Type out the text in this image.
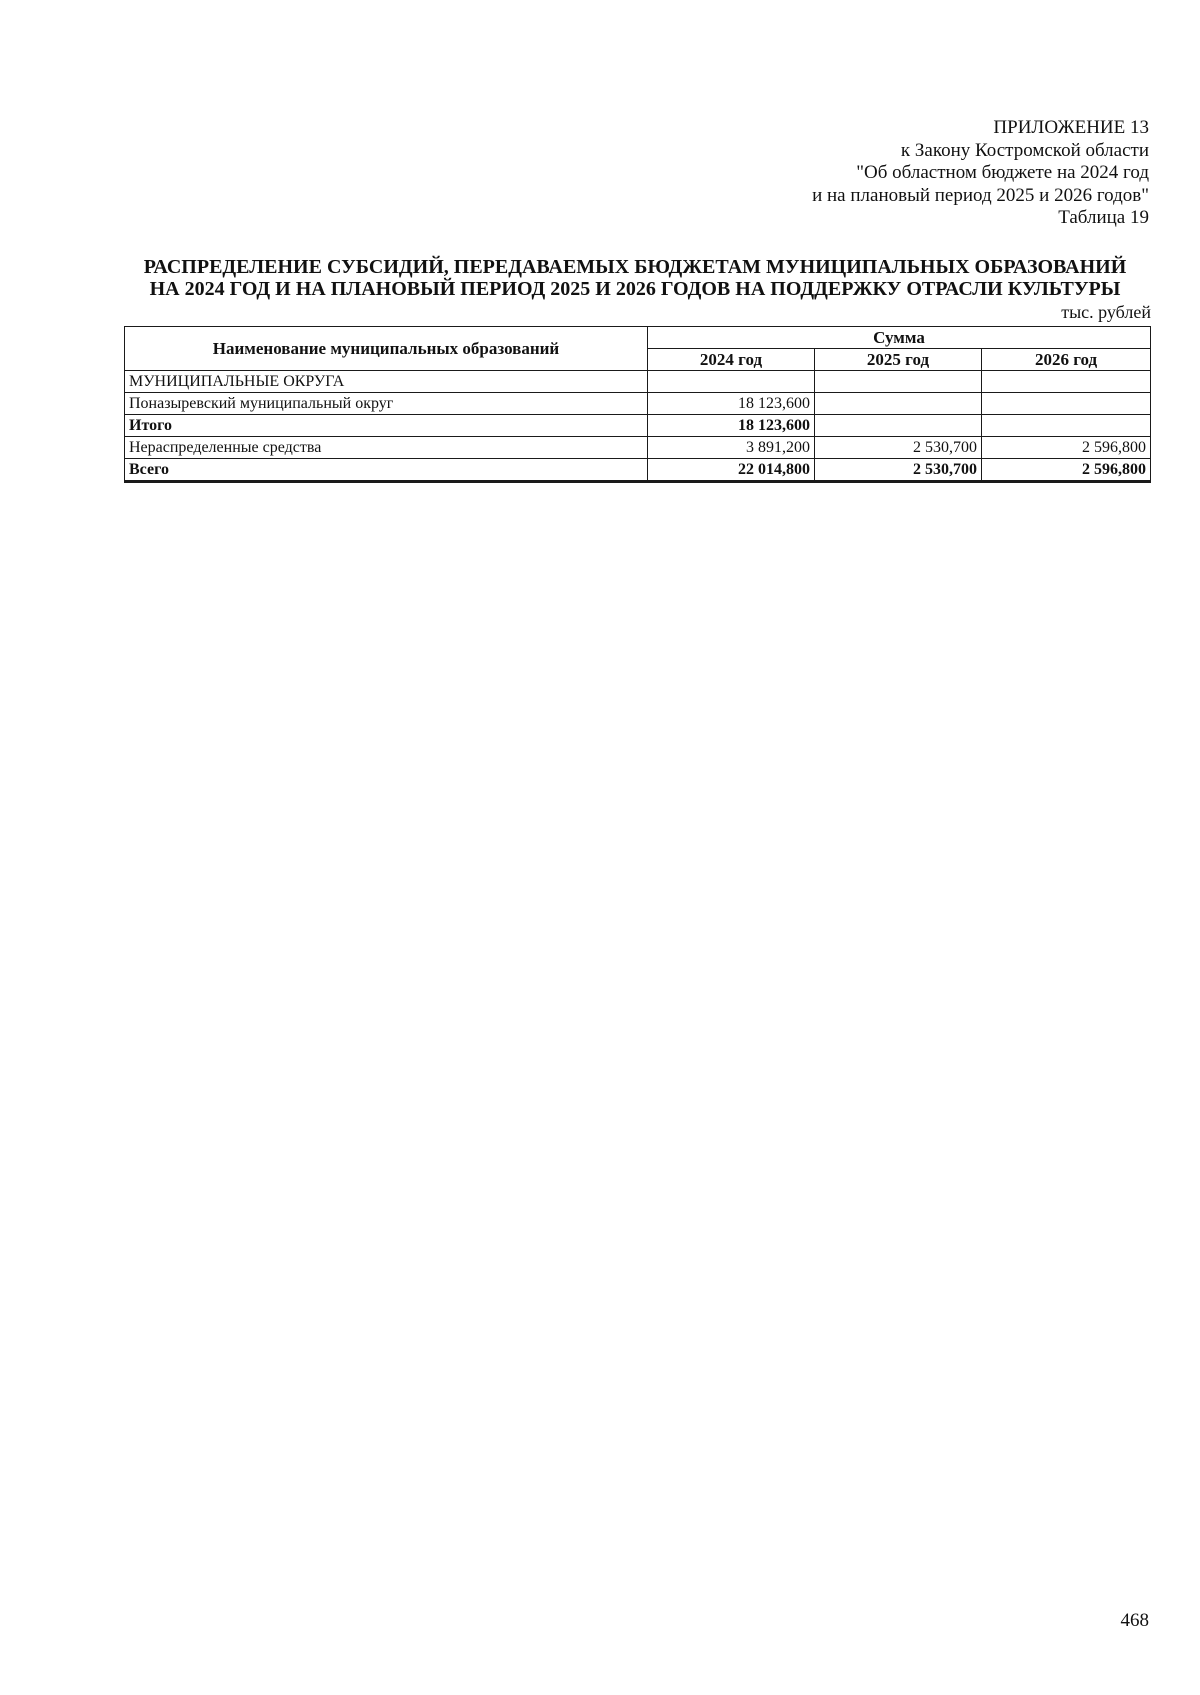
ПРИЛОЖЕНИЕ 13
к Закону Костромской области
"Об областном бюджете на 2024 год
и на плановый период 2025 и 2026 годов"
Таблица 19
РАСПРЕДЕЛЕНИЕ СУБСИДИЙ, ПЕРЕДАВАЕМЫХ БЮДЖЕТАМ МУНИЦИПАЛЬНЫХ ОБРАЗОВАНИЙ
НА 2024 ГОД И НА ПЛАНОВЫЙ ПЕРИОД 2025 И 2026 ГОДОВ НА ПОДДЕРЖКУ ОТРАСЛИ КУЛЬТУРЫ
тыс. рублей
Наименование муниципальных образований	Сумма		
	2024 год	2025 год	2026 год
МУНИЦИПАЛЬНЫЕ ОКРУГА			
Поназыревский муниципальный округ	18 123,600		
Итого	18 123,600		
Нераспределенные средства	3 891,200	2 530,700	2 596,800
Всего	22 014,800	2 530,700	2 596,800
468
